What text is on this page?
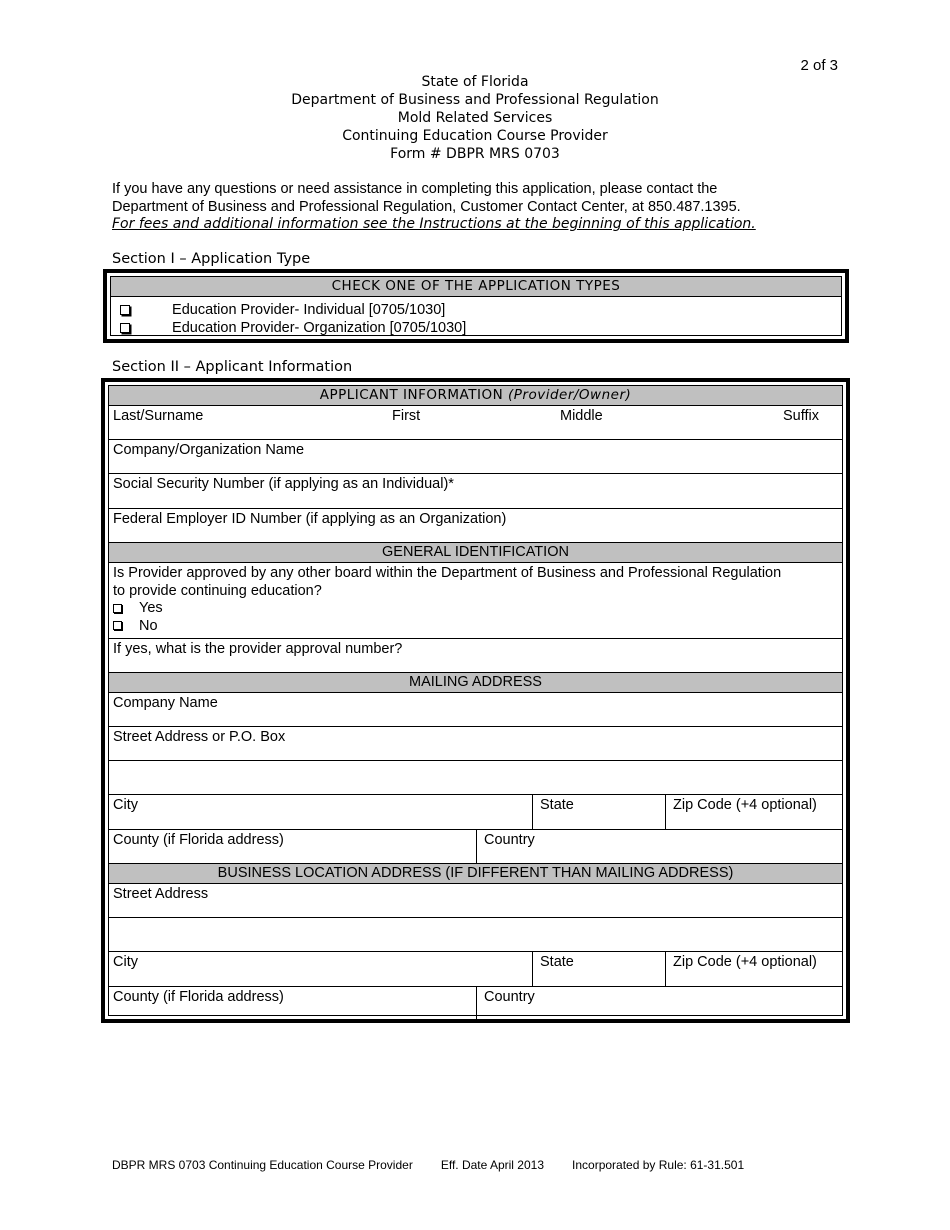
2 of 3
State of Florida
Department of Business and Professional Regulation
Mold Related Services
Continuing Education Course Provider
Form # DBPR MRS 0703
If you have any questions or need assistance in completing this application, please contact the
Department of Business and Professional Regulation, Customer Contact Center, at 850.487.1395.
For fees and additional information see the Instructions at the beginning of this application.
Section I – Application Type
CHECK ONE OF THE APPLICATION TYPES
Education Provider- Individual [0705/1030]
Education Provider- Organization [0705/1030]
Section II – Applicant Information
APPLICANT INFORMATION (Provider/Owner)
Last/Surname	First	Middle	Suffix
Company/Organization Name
Social Security Number (if applying as an Individual)*
Federal Employer ID Number (if applying as an Organization)
GENERAL IDENTIFICATION
Is Provider approved by any other board within the Department of Business and Professional Regulation
to provide continuing education?
Yes
No
If yes, what is the provider approval number?
MAILING ADDRESS
Company Name
Street Address or P.O. Box
City	State	Zip Code (+4 optional)
County (if Florida address)	Country
BUSINESS LOCATION ADDRESS (IF DIFFERENT THAN MAILING ADDRESS)
Street Address
City	State	Zip Code (+4 optional)
County (if Florida address)	Country
DBPR MRS 0703 Continuing Education Course Provider Eff. Date April 2013 Incorporated by Rule: 61-31.501
